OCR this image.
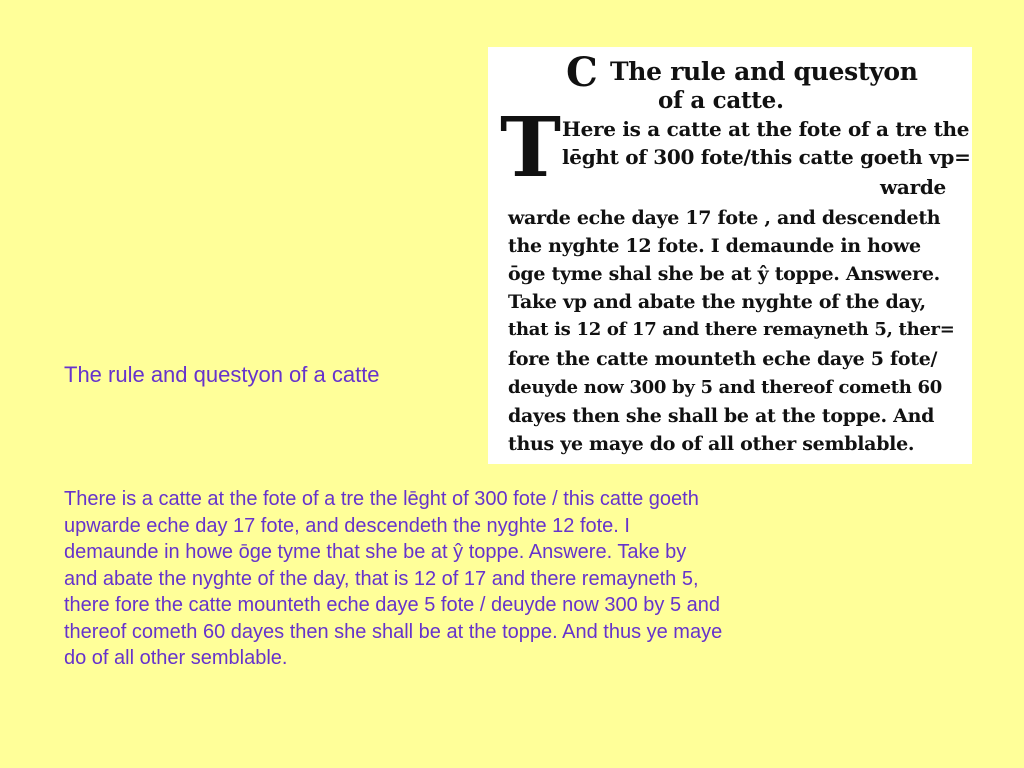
The rule and questyon of a catte
C
T
The rule and questyon
of a catte.
Here is a catte at the fote of a tre the
lēght of 300 fote/this catte goeth vp=
warde
warde eche daye 17 fote , and descendeth
the nyghte 12 fote. I demaunde in howe
ōge tyme shal she be at ŷ toppe. Answere.
Take vp and abate the nyghte of the day,
that is 12 of 17 and there remayneth 5, ther=
fore the catte mounteth eche daye 5 fote/
deuyde now 300 by 5 and thereof cometh 60
dayes then she shall be at the toppe. And
thus ye maye do of all other semblable.
There is a catte at the fote of a tre the lēght of 300 fote / this catte goeth
upwarde eche day 17 fote, and descendeth the nyghte 12 fote. I
demaunde in howe ōge tyme that she be at ŷ toppe. Answere. Take by
and abate the nyghte of the day, that is 12 of 17 and there remayneth 5,
there fore the catte mounteth eche daye 5 fote / deuyde now 300 by 5 and
thereof cometh 60 dayes then she shall be at the toppe. And thus ye maye
do of all other semblable.
